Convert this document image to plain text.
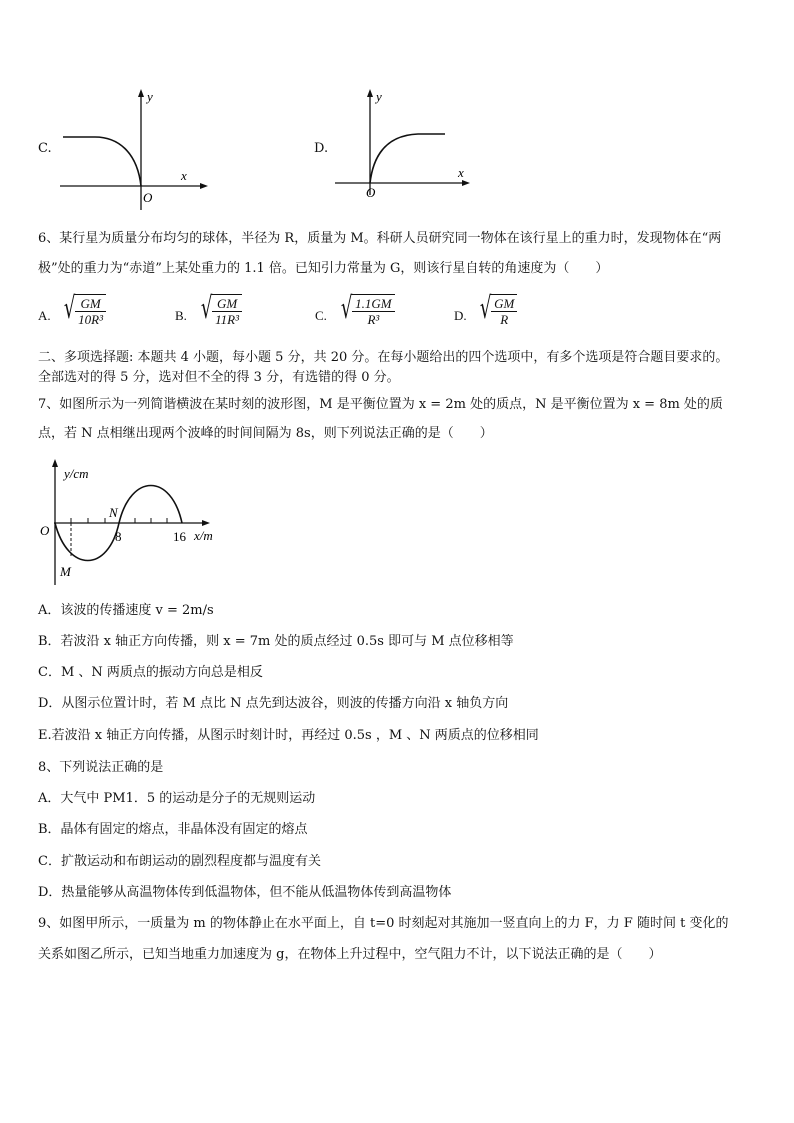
C.
y
x
O
D.
y
x
O
6、某行星为质量分布均匀的球体，半径为 R，质量为 M。科研人员研究同一物体在该行星上的重力时，发现物体在“两
极”处的重力为“赤道”上某处重力的 1.1 倍。已知引力常量为 G，则该行星自转的角速度为（　　）
A. √ $\frac{GM}{\text{10R³}}$	B. √ $\frac{GM}{\text{11R³}}$	C. √ $\frac{1.1GM}{\text{R³}}$	D. √ $\frac{GM}{R}$
二、多项选择题: 本题共 4 小题，每小题 5 分，共 20 分。在每小题给出的四个选项中，有多个选项是符合题目要求的。
全部选对的得 5 分，选对但不全的得 3 分，有选错的得 0 分。
7、如图所示为一列简谐横波在某时刻的波形图，M 是平衡位置为 x = 2m 处的质点，N 是平衡位置为 x = 8m 处的质
点，若 N 点相继出现两个波峰的时间间隔为 8s，则下列说法正确的是（　　）
y/cm
x/m
O	8	16
M
N
A．该波的传播速度 v = 2m/s
B．若波沿 x 轴正方向传播，则 x = 7m 处的质点经过 0.5s 即可与 M 点位移相等
C．M 、N 两质点的振动方向总是相反
D．从图示位置计时，若 M 点比 N 点先到达波谷，则波的传播方向沿 x 轴负方向
E.若波沿 x 轴正方向传播，从图示时刻计时，再经过 0.5s ，M 、N 两质点的位移相同
8、下列说法正确的是
A．大气中 PM1．5 的运动是分子的无规则运动
B．晶体有固定的熔点，非晶体没有固定的熔点
C．扩散运动和布朗运动的剧烈程度都与温度有关
D．热量能够从高温物体传到低温物体，但不能从低温物体传到高温物体
9、如图甲所示，一质量为 m 的物体静止在水平面上，自 t=0 时刻起对其施加一竖直向上的力 F，力 F 随时间 t 变化的
关系如图乙所示，已知当地重力加速度为 g，在物体上升过程中，空气阻力不计，以下说法正确的是（　　）
